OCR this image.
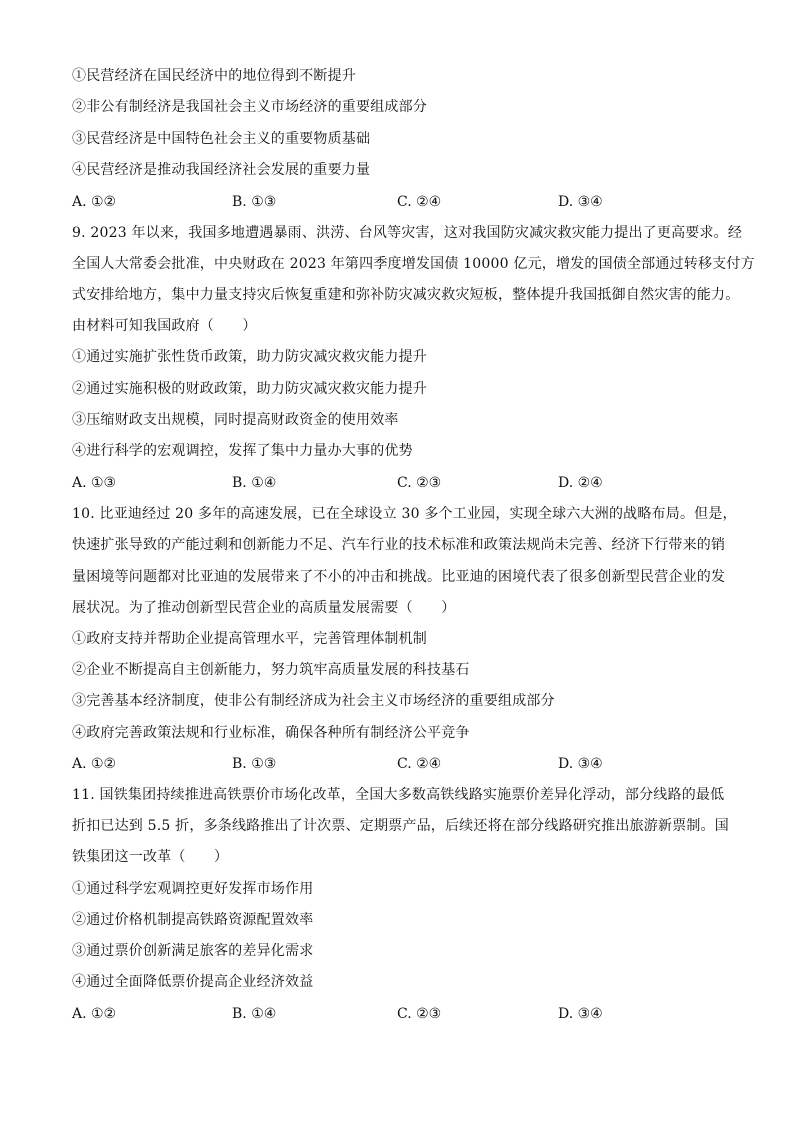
①民营经济在国民经济中的地位得到不断提升
②非公有制经济是我国社会主义市场经济的重要组成部分
③民营经济是中国特色社会主义的重要物质基础
④民营经济是推动我国经济社会发展的重要力量
A. ①②	B. ①③	C. ②④	D. ③④
9. 2023 年以来，我国多地遭遇暴雨、洪涝、台风等灾害，这对我国防灾减灾救灾能力提出了更高要求。经
全国人大常委会批准，中央财政在 2023 年第四季度增发国债 10000 亿元，增发的国债全部通过转移支付方
式安排给地方，集中力量支持灾后恢复重建和弥补防灾减灾救灾短板，整体提升我国抵御自然灾害的能力。
由材料可知我国政府（　　）
①通过实施扩张性货币政策，助力防灾减灾救灾能力提升
②通过实施积极的财政政策，助力防灾减灾救灾能力提升
③压缩财政支出规模，同时提高财政资金的使用效率
④进行科学的宏观调控，发挥了集中力量办大事的优势
A. ①③	B. ①④	C. ②③	D. ②④
10. 比亚迪经过 20 多年的高速发展，已在全球设立 30 多个工业园，实现全球六大洲的战略布局。但是，
快速扩张导致的产能过剩和创新能力不足、汽车行业的技术标准和政策法规尚未完善、经济下行带来的销
量困境等问题都对比亚迪的发展带来了不小的冲击和挑战。比亚迪的困境代表了很多创新型民营企业的发
展状况。为了推动创新型民营企业的高质量发展需要（　　）
①政府支持并帮助企业提高管理水平，完善管理体制机制
②企业不断提高自主创新能力，努力筑牢高质量发展的科技基石
③完善基本经济制度，使非公有制经济成为社会主义市场经济的重要组成部分
④政府完善政策法规和行业标准，确保各种所有制经济公平竞争
A. ①②	B. ①③	C. ②④	D. ③④
11. 国铁集团持续推进高铁票价市场化改革，全国大多数高铁线路实施票价差异化浮动，部分线路的最低
折扣已达到 5.5 折，多条线路推出了计次票、定期票产品，后续还将在部分线路研究推出旅游新票制。国
铁集团这一改革（　　）
①通过科学宏观调控更好发挥市场作用
②通过价格机制提高铁路资源配置效率
③通过票价创新满足旅客的差异化需求
④通过全面降低票价提高企业经济效益
A. ①②	B. ①④	C. ②③	D. ③④
